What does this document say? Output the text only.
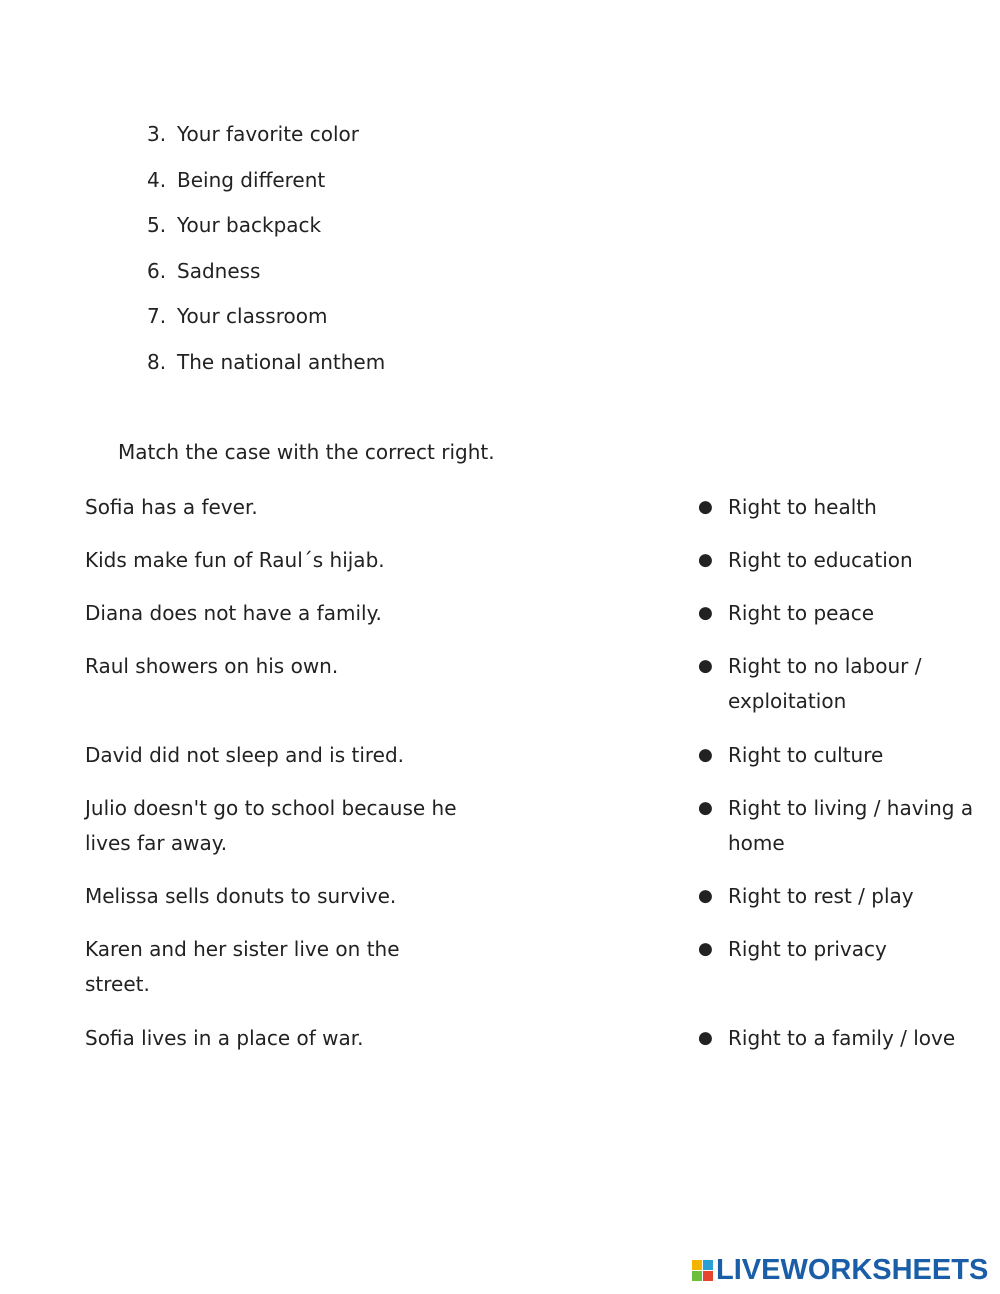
3. Your favorite color
4. Being different
5. Your backpack
6. Sadness
7. Your classroom
8. The national anthem

Match the case with the correct right.

Sofia has a fever.
Kids make fun of Raul´s hijab.
Diana does not have a family.
Raul showers on his own.
David did not sleep and is tired.
Julio doesn't go to school because he lives far away.
Melissa sells donuts to survive.
Karen and her sister live on the street.
Sofia lives in a place of war.
● Right to health
● Right to education
● Right to peace
● Right to no labour / exploitation
● Right to culture
● Right to living / having a home
● Right to rest / play
● Right to privacy
● Right to a family / love
LIVEWORKSHEETS
